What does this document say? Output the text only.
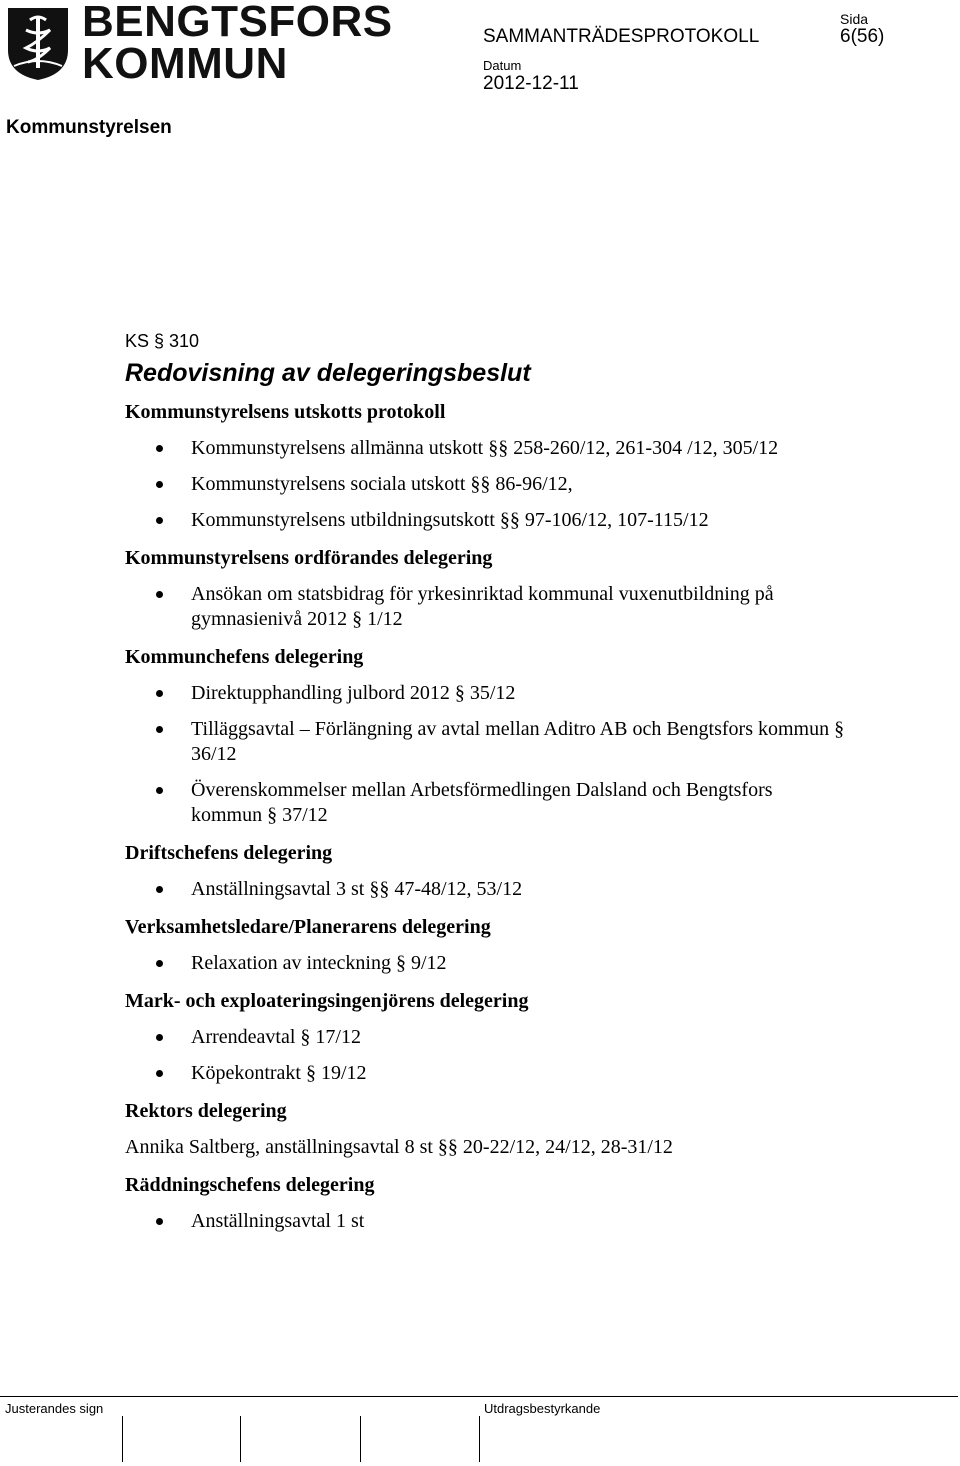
BENGTSFORS
KOMMUN
SAMMANTRÄDESPROTOKOLL
Sida
6(56)
Datum
2012-12-11
Kommunstyrelsen

KS § 310

Redovisning av delegeringsbeslut
Kommunstyrelsens utskotts protokoll
Kommunstyrelsens allmänna utskott §§ 258-260/12, 261-304 /12, 305/12
Kommunstyrelsens sociala utskott §§ 86-96/12,
Kommunstyrelsens utbildningsutskott §§ 97-106/12, 107-115/12
Kommunstyrelsens ordförandes delegering
Ansökan om statsbidrag för yrkesinriktad kommunal vuxenutbildning på gymnasienivå 2012 § 1/12
Kommunchefens delegering
Direktupphandling julbord 2012 § 35/12
Tilläggsavtal – Förlängning av avtal mellan Aditro AB och Bengtsfors kommun § 36/12
Överenskommelser mellan Arbetsförmedlingen Dalsland och Bengtsfors kommun § 37/12
Driftschefens delegering
Anställningsavtal 3 st §§ 47-48/12, 53/12
Verksamhetsledare/Planerarens delegering
Relaxation av inteckning § 9/12
Mark- och exploateringsingenjörens delegering
Arrendeavtal § 17/12
Köpekontrakt § 19/12
Rektors delegering

Annika Saltberg, anställningsavtal 8 st §§ 20-22/12, 24/12, 28-31/12

Räddningschefens delegering
Anställningsavtal 1 st
Justerandes sign	Utdragsbestyrkande
